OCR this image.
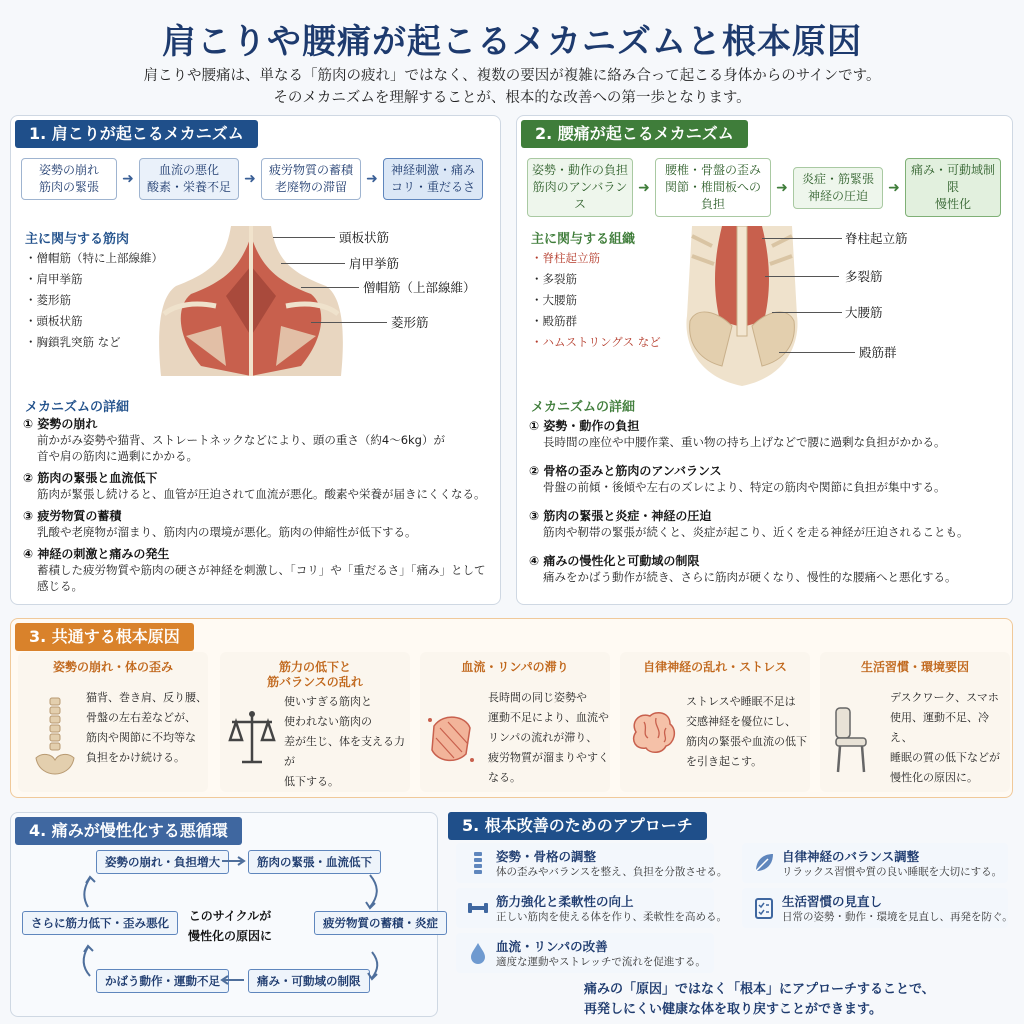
肩こりや腰痛が起こるメカニズムと根本原因
肩こりや腰痛は、単なる「筋肉の疲れ」ではなく、複数の要因が複雑に絡み合って起こる身体からのサインです。
そのメカニズムを理解することが、根本的な改善への第一歩となります。
1. 肩こりが起こるメカニズム
姿勢の崩れ
筋肉の緊張	➜
血流の悪化
酸素・栄養不足 ➜
疲労物質の蓄積
老廃物の滞留	➜
神経刺激・痛み
コリ・重だるさ
主に関与する筋肉
・僧帽筋（特に上部線維）
・肩甲挙筋
・菱形筋
・頭板状筋
・胸鎖乳突筋 など
頭板状筋
肩甲挙筋
僧帽筋（上部線維）
菱形筋
メカニズムの詳細
① 姿勢の崩れ
前かがみ姿勢や猫背、ストレートネックなどにより、頭の重さ（約4〜6kg）が
首や肩の筋肉に過剰にかかる。
② 筋肉の緊張と血流低下
筋肉が緊張し続けると、血管が圧迫されて血流が悪化。酸素や栄養が届きにくくなる。
③ 疲労物質の蓄積
乳酸や老廃物が溜まり、筋肉内の環境が悪化。筋肉の伸縮性が低下する。
④ 神経の刺激と痛みの発生
蓄積した疲労物質や筋肉の硬さが神経を刺激し、「コリ」や「重だるさ」「痛み」として
感じる。
2. 腰痛が起こるメカニズム
姿勢・動作の負担
筋肉のアンバランス
➜
腰椎・骨盤の歪み
関節・椎間板への負担
➜
炎症・筋緊張
神経の圧迫	➜
痛み・可動域制限
慢性化
主に関与する組織
・脊柱起立筋
・多裂筋
・大腰筋
・殿筋群
・ハムストリングス など
脊柱起立筋
多裂筋
大腰筋
殿筋群
メカニズムの詳細
① 姿勢・動作の負担
長時間の座位や中腰作業、重い物の持ち上げなどで腰に過剰な負担がかかる。
② 骨格の歪みと筋肉のアンバランス
骨盤の前傾・後傾や左右のズレにより、特定の筋肉や関節に負担が集中する。
③ 筋肉の緊張と炎症・神経の圧迫
筋肉や靭帯の緊張が続くと、炎症が起こり、近くを走る神経が圧迫されることも。
④ 痛みの慢性化と可動域の制限
痛みをかばう動作が続き、さらに筋肉が硬くなり、慢性的な腰痛へと悪化する。
3. 共通する根本原因
姿勢の崩れ・体の歪み
猫背、巻き肩、反り腰、
骨盤の左右差などが、
筋肉や関節に不均等な
負担をかけ続ける。
筋力の低下と
筋バランスの乱れ
使いすぎる筋肉と
使われない筋肉の
差が生じ、体を支える力が
低下する。
血流・リンパの滞り
長時間の同じ姿勢や
運動不足により、血流や
リンパの流れが滞り、
疲労物質が溜まりやすく
なる。
自律神経の乱れ・ストレス
ストレスや睡眠不足は
交感神経を優位にし、
筋肉の緊張や血流の低下
を引き起こす。
生活習慣・環境要因
デスクワーク、スマホ
使用、運動不足、冷え、
睡眠の質の低下などが
慢性化の原因に。
4. 痛みが慢性化する悪循環
姿勢の崩れ・負担増大	筋肉の緊張・血流低下
疲労物質の蓄積・炎症
痛み・可動域の制限
かばう動作・運動不足
さらに筋力低下・歪み悪化	このサイクルが
慢性化の原因に
5. 根本改善のためのアプローチ
姿勢・骨格の調整
体の歪みやバランスを整え、負担を分散させる。
自律神経のバランス調整
リラックス習慣や質の良い睡眠を大切にする。
筋力強化と柔軟性の向上
正しい筋肉を使える体を作り、柔軟性を高める。
生活習慣の見直し
日常の姿勢・動作・環境を見直し、再発を防ぐ。
血流・リンパの改善
適度な運動やストレッチで流れを促進する。
痛みの「原因」ではなく「根本」にアプローチすることで、
再発しにくい健康な体を取り戻すことができます。
